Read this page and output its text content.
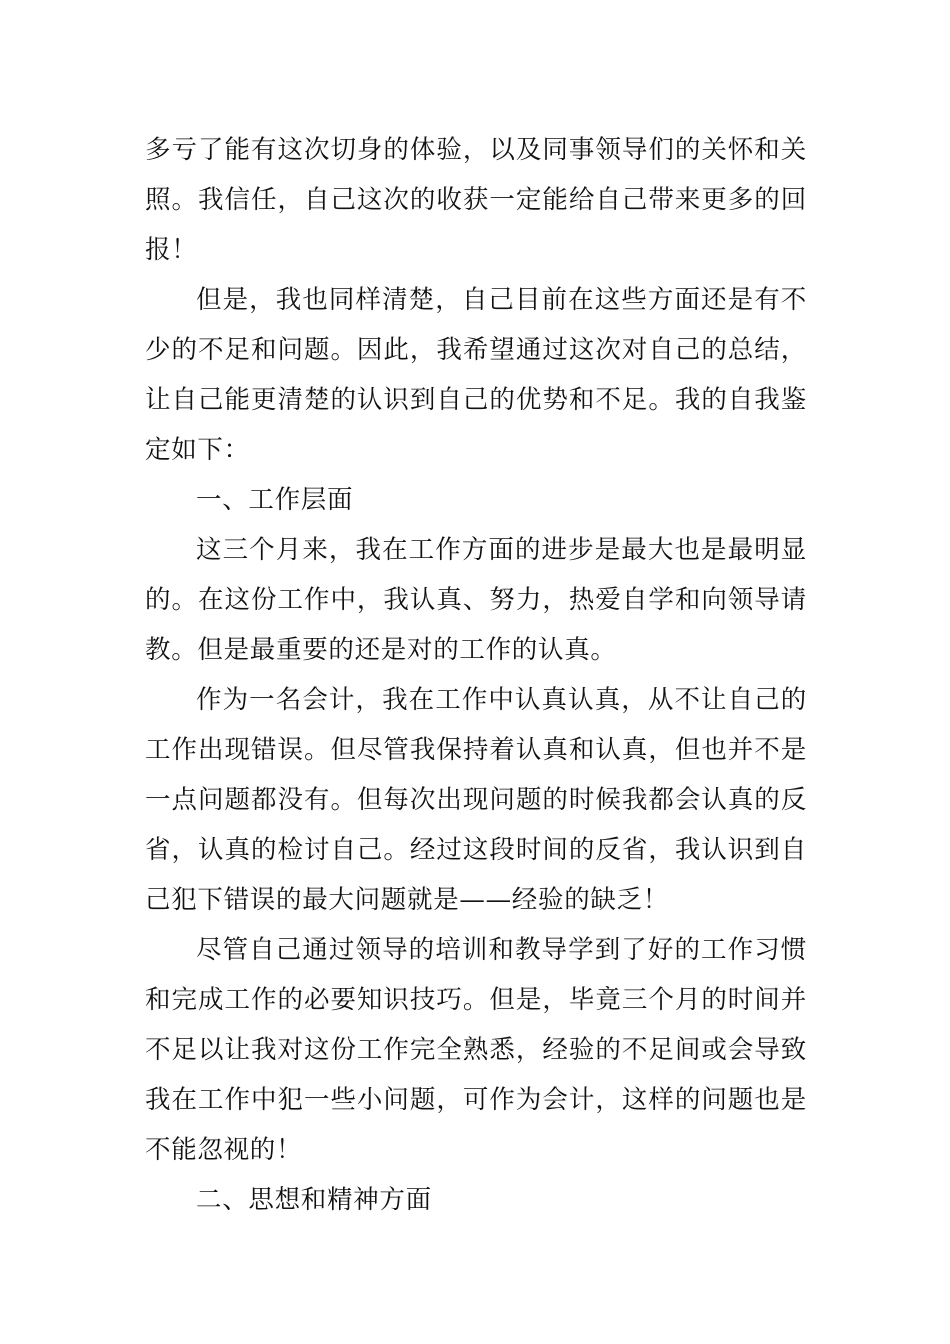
多亏了能有这次切身的体验，以及同事领导们的关怀和关照。我信任，自己这次的收获一定能给自己带来更多的回报！

但是，我也同样清楚，自己目前在这些方面还是有不少的不足和问题。因此，我希望通过这次对自己的总结，让自己能更清楚的认识到自己的优势和不足。我的自我鉴定如下：

一、工作层面

这三个月来，我在工作方面的进步是最大也是最明显的。在这份工作中，我认真、努力，热爱自学和向领导请教。但是最重要的还是对的工作的认真。

作为一名会计，我在工作中认真认真，从不让自己的工作出现错误。但尽管我保持着认真和认真，但也并不是一点问题都没有。但每次出现问题的时候我都会认真的反省，认真的检讨自己。经过这段时间的反省，我认识到自己犯下错误的最大问题就是——经验的缺乏！

尽管自己通过领导的培训和教导学到了好的工作习惯和完成工作的必要知识技巧。但是，毕竟三个月的时间并不足以让我对这份工作完全熟悉，经验的不足间或会导致我在工作中犯一些小问题，可作为会计，这样的问题也是不能忽视的！

二、思想和精神方面
